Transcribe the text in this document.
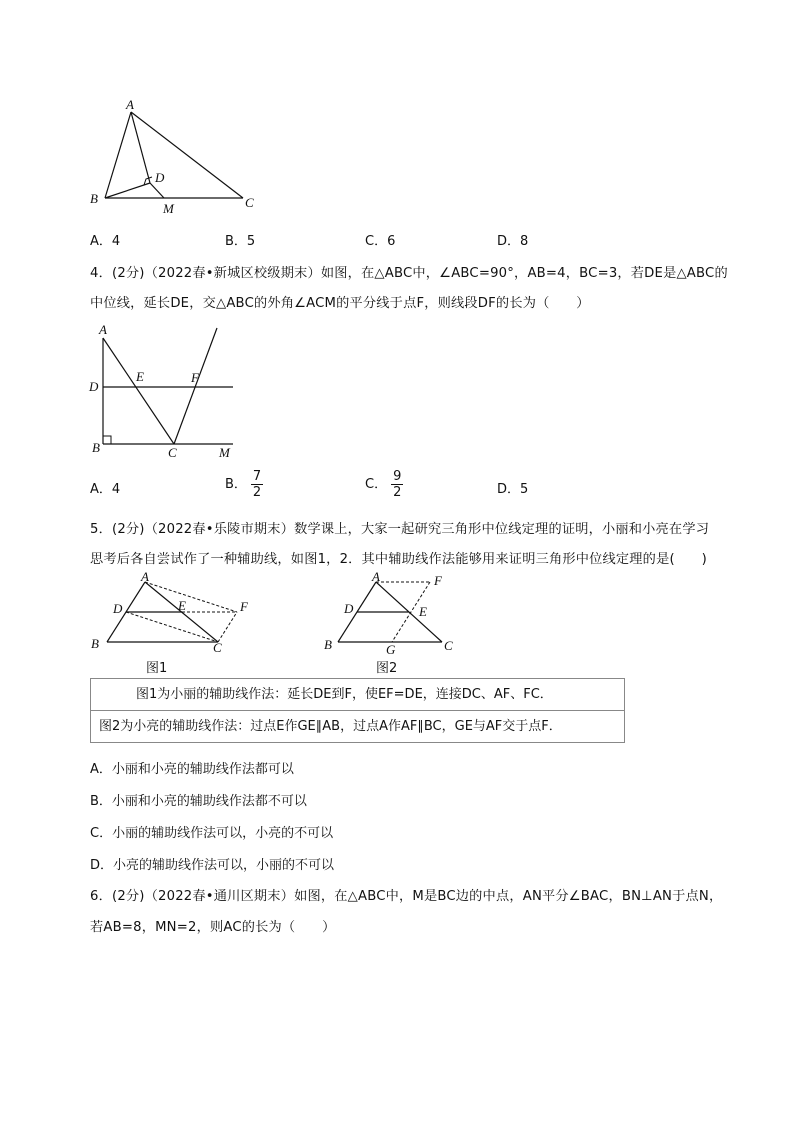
A
B	C
D
M
A．4	B．5	C．6	D．8
4．(2分)（2022春•新城区校级期末）如图，在△ABC中，∠ABC=90°，AB=4，BC=3，若DE是△ABC的
中位线，延长DE，交△ABC的外角∠ACM的平分线于点F，则线段DF的长为（　　）
A
D
E	F
B	C	M
A．4	B． $\frac{7}{2}$	C． $\frac{9}{2}$	D．5
5．(2分)（2022春•乐陵市期末）数学课上，大家一起研究三角形中位线定理的证明，小丽和小亮在学习
思考后各自尝试作了一种辅助线，如图1，2．其中辅助线作法能够用来证明三角形中位线定理的是(　　)
A
D	E	F
B	C
图1
A	F
D	E
B	G	C
图2
图1为小丽的辅助线作法：延长DE到F，使EF=DE，连接DC、AF、FC．
图2为小亮的辅助线作法：过点E作GE∥AB，过点A作AF∥BC，GE与AF交于点F．
A．小丽和小亮的辅助线作法都可以
B．小丽和小亮的辅助线作法都不可以
C．小丽的辅助线作法可以，小亮的不可以
D．小亮的辅助线作法可以，小丽的不可以
6．(2分)（2022春•通川区期末）如图，在△ABC中，M是BC边的中点，AN平分∠BAC，BN⊥AN于点N，
若AB=8，MN=2，则AC的长为（　　）
